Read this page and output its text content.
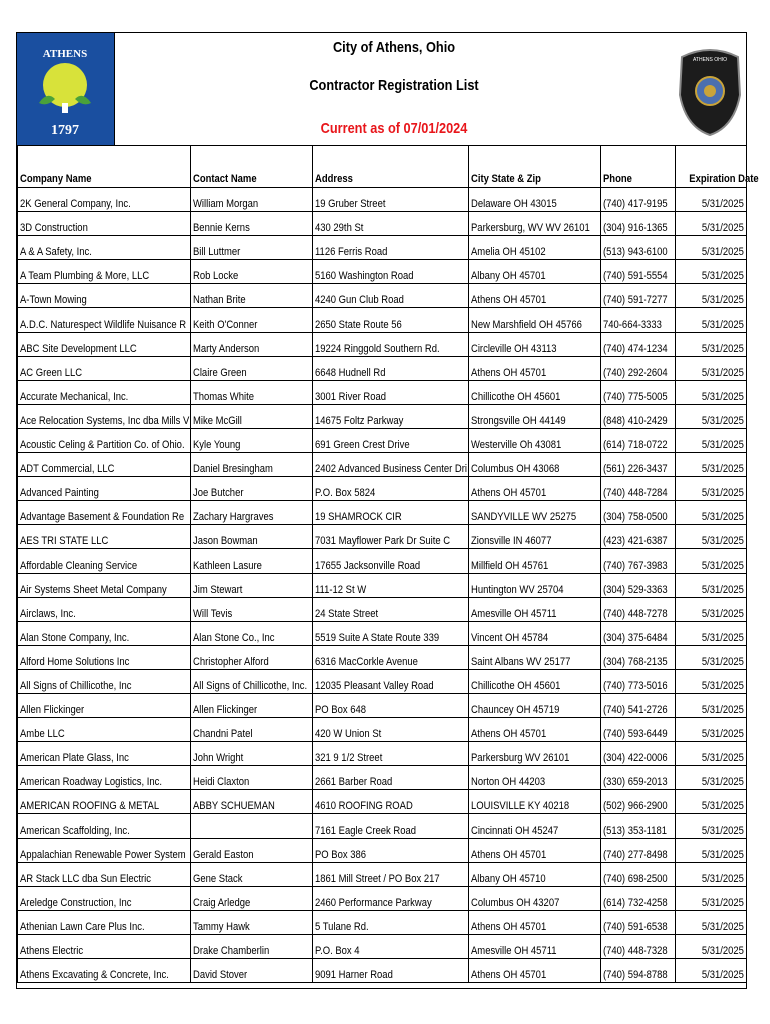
ATHENS
1797
City of Athens, Ohio
Contractor Registration List
Current as of 07/01/2024
ATHENS OHIO
Company Name	Contact Name	Address	City State & Zip	Phone	Expiration Date
2K General Company, Inc.	William Morgan	19 Gruber Street	Delaware OH 43015	(740) 417-9195	5/31/2025
3D Construction	Bennie Kerns	430 29th St	Parkersburg, WV WV 26101	(304) 916-1365	5/31/2025
A & A Safety, Inc.	Bill Luttmer	1126 Ferris Road	Amelia OH 45102	(513) 943-6100	5/31/2025
A Team Plumbing & More, LLC	Rob Locke	5160 Washington Road	Albany OH 45701	(740) 591-5554	5/31/2025
A-Town Mowing	Nathan Brite	4240 Gun Club Road	Athens OH 45701	(740) 591-7277	5/31/2025
A.D.C. Naturespect Wildlife Nuisance R	Keith O'Conner	2650 State Route 56	New Marshfield OH 45766	740-664-3333	5/31/2025
ABC Site Development LLC	Marty Anderson	19224 Ringgold Southern Rd.	Circleville OH 43113	(740) 474-1234	5/31/2025
AC Green LLC	Claire Green	6648 Hudnell Rd	Athens OH 45701	(740) 292-2604	5/31/2025
Accurate Mechanical, Inc.	Thomas White	3001 River Road	Chillicothe OH 45601	(740) 775-5005	5/31/2025
Ace Relocation Systems, Inc dba Mills V	Mike McGill	14675 Foltz Parkway	Strongsville OH 44149	(848) 410-2429	5/31/2025
Acoustic Celing & Partition Co. of Ohio.	Kyle Young	691 Green Crest Drive	Westerville Oh 43081	(614) 718-0722	5/31/2025
ADT Commercial, LLC	Daniel Bresingham	2402 Advanced Business Center Dri	Columbus OH 43068	(561) 226-3437	5/31/2025
Advanced Painting	Joe Butcher	P.O. Box 5824	Athens OH 45701	(740) 448-7284	5/31/2025
Advantage Basement & Foundation Re	Zachary Hargraves	19 SHAMROCK CIR	SANDYVILLE WV 25275	(304) 758-0500	5/31/2025
AES TRI STATE LLC	Jason Bowman	7031 Mayflower Park Dr Suite C	Zionsville IN 46077	(423) 421-6387	5/31/2025
Affordable Cleaning Service	Kathleen Lasure	17655 Jacksonville Road	Millfield OH 45761	(740) 767-3983	5/31/2025
Air Systems Sheet Metal Company	Jim Stewart	111-12 St W	Huntington WV 25704	(304) 529-3363	5/31/2025
Airclaws, Inc.	Will Tevis	24 State Street	Amesville OH 45711	(740) 448-7278	5/31/2025
Alan Stone Company, Inc.	Alan Stone Co., Inc	5519 Suite A State Route 339	Vincent OH 45784	(304) 375-6484	5/31/2025
Alford Home Solutions Inc	Christopher Alford	6316 MacCorkle Avenue	Saint Albans WV 25177	(304) 768-2135	5/31/2025
All Signs of Chillicothe, Inc	All Signs of Chillicothe, Inc.	12035 Pleasant Valley Road	Chillicothe OH 45601	(740) 773-5016	5/31/2025
Allen Flickinger	Allen Flickinger	PO Box 648	Chauncey OH 45719	(740) 541-2726	5/31/2025
Ambe LLC	Chandni Patel	420 W Union St	Athens OH 45701	(740) 593-6449	5/31/2025
American Plate Glass, Inc	John Wright	321 9 1/2 Street	Parkersburg WV 26101	(304) 422-0006	5/31/2025
American Roadway Logistics, Inc.	Heidi Claxton	2661 Barber Road	Norton OH 44203	(330) 659-2013	5/31/2025
AMERICAN ROOFING & METAL	ABBY SCHUEMAN	4610 ROOFING ROAD	LOUISVILLE KY 40218	(502) 966-2900	5/31/2025
American Scaffolding, Inc.		7161 Eagle Creek Road	Cincinnati OH 45247	(513) 353-1181	5/31/2025
Appalachian Renewable Power System	Gerald Easton	PO Box 386	Athens OH 45701	(740) 277-8498	5/31/2025
AR Stack LLC dba Sun Electric	Gene Stack	1861 Mill Street / PO Box 217	Albany OH 45710	(740) 698-2500	5/31/2025
Areledge Construction, Inc	Craig Arledge	2460 Performance Parkway	Columbus OH 43207	(614) 732-4258	5/31/2025
Athenian Lawn Care Plus Inc.	Tammy Hawk	5 Tulane Rd.	Athens OH 45701	(740) 591-6538	5/31/2025
Athens Electric	Drake Chamberlin	P.O. Box 4	Amesville OH 45711	(740) 448-7328	5/31/2025
Athens Excavating & Concrete, Inc.	David Stover	9091 Harner Road	Athens OH 45701	(740) 594-8788	5/31/2025
